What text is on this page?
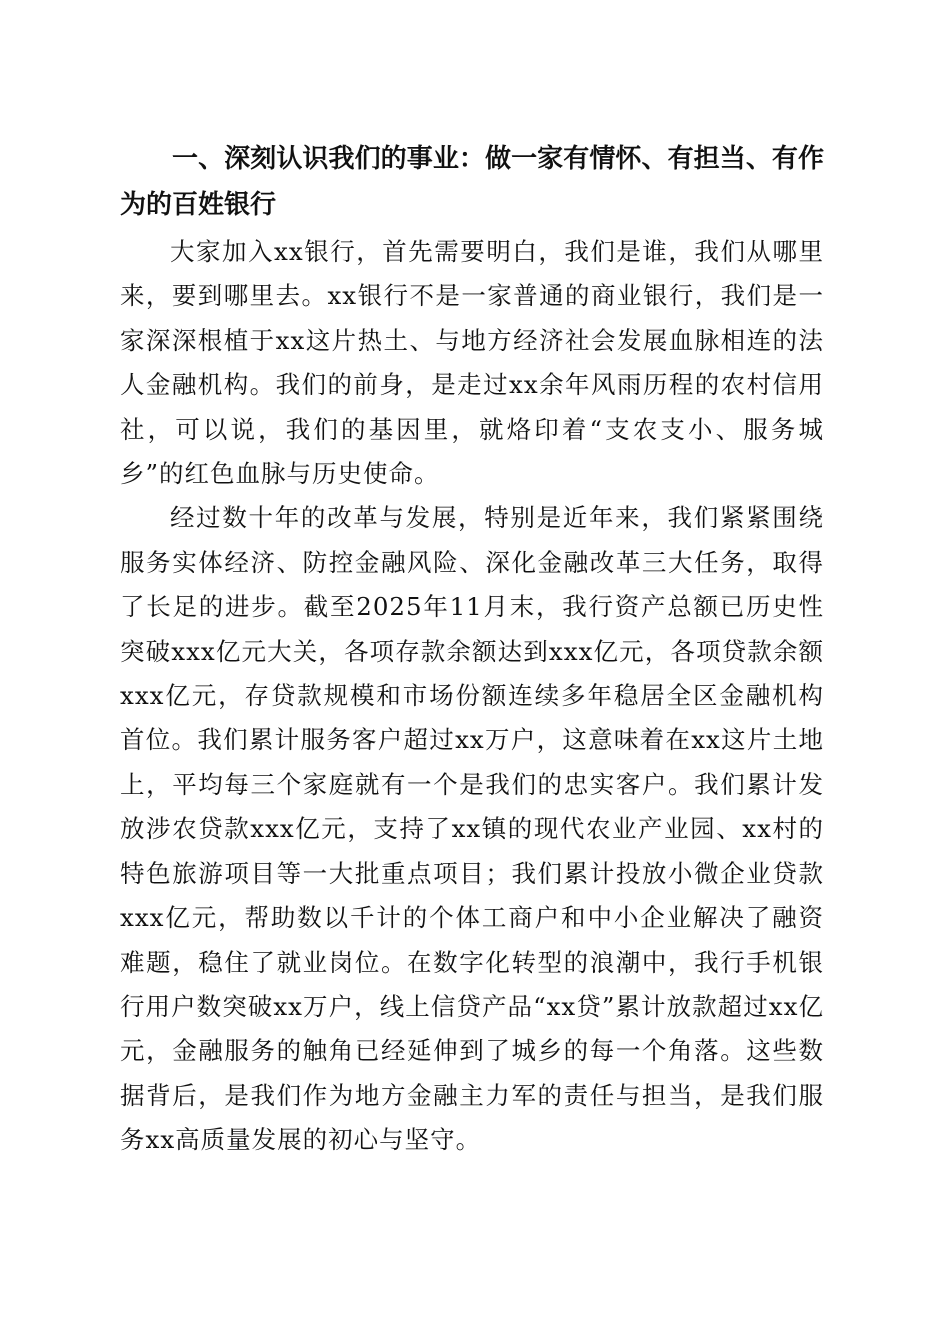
一、深刻认识我们的事业：做一家有情怀、有担当、有作为的百姓银行

大家加入xx银行，首先需要明白，我们是谁，我们从哪里来，要到哪里去。xx银行不是一家普通的商业银行，我们是一家深深根植于xx这片热土、与地方经济社会发展血脉相连的法人金融机构。我们的前身，是走过xx余年风雨历程的农村信用社，可以说，我们的基因里，就烙印着“支农支小、服务城乡”的红色血脉与历史使命。

经过数十年的改革与发展，特别是近年来，我们紧紧围绕服务实体经济、防控金融风险、深化金融改革三大任务，取得了长足的进步。截至2025年11月末，我行资产总额已历史性突破xxx亿元大关，各项存款余额达到xxx亿元，各项贷款余额xxx亿元，存贷款规模和市场份额连续多年稳居全区金融机构首位。我们累计服务客户超过xx万户，这意味着在xx这片土地上，平均每三个家庭就有一个是我们的忠实客户。我们累计发放涉农贷款xxx亿元，支持了xx镇的现代农业产业园、xx村的特色旅游项目等一大批重点项目；我们累计投放小微企业贷款xxx亿元，帮助数以千计的个体工商户和中小企业解决了融资难题，稳住了就业岗位。在数字化转型的浪潮中，我行手机银行用户数突破xx万户，线上信贷产品“xx贷”累计放款超过xx亿元，金融服务的触角已经延伸到了城乡的每一个角落。这些数据背后，是我们作为地方金融主力军的责任与担当，是我们服务xx高质量发展的初心与坚守。
